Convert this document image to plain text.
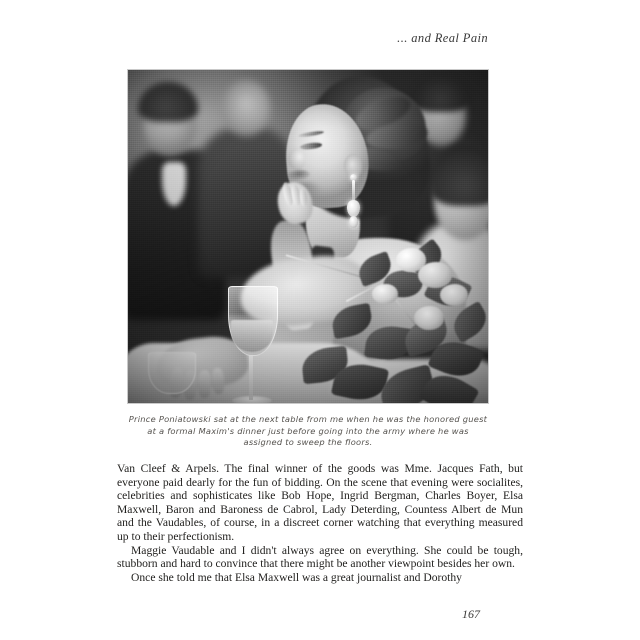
... and Real Pain
Prince Poniatowski sat at the next table from me when he was the honored guest
at a formal Maxim's dinner just before going into the army where he was
assigned to sweep the floors.

Van Cleef & Arpels. The final winner of the goods was Mme. Jacques Fath, but everyone paid dearly for the fun of bidding. On the scene that evening were socialites, celebrities and sophisticates like Bob Hope, Ingrid Bergman, Charles Boyer, Elsa Maxwell, Baron and Baroness de Cabrol, Lady Deterding, Countess Albert de Mun and the Vaudables, of course, in a discreet corner watching that everything measured up to their perfectionism.

Maggie Vaudable and I didn't always agree on everything. She could be tough, stubborn and hard to convince that there might be another viewpoint besides her own.

Once she told me that Elsa Maxwell was a great journalist and Dorothy

167
